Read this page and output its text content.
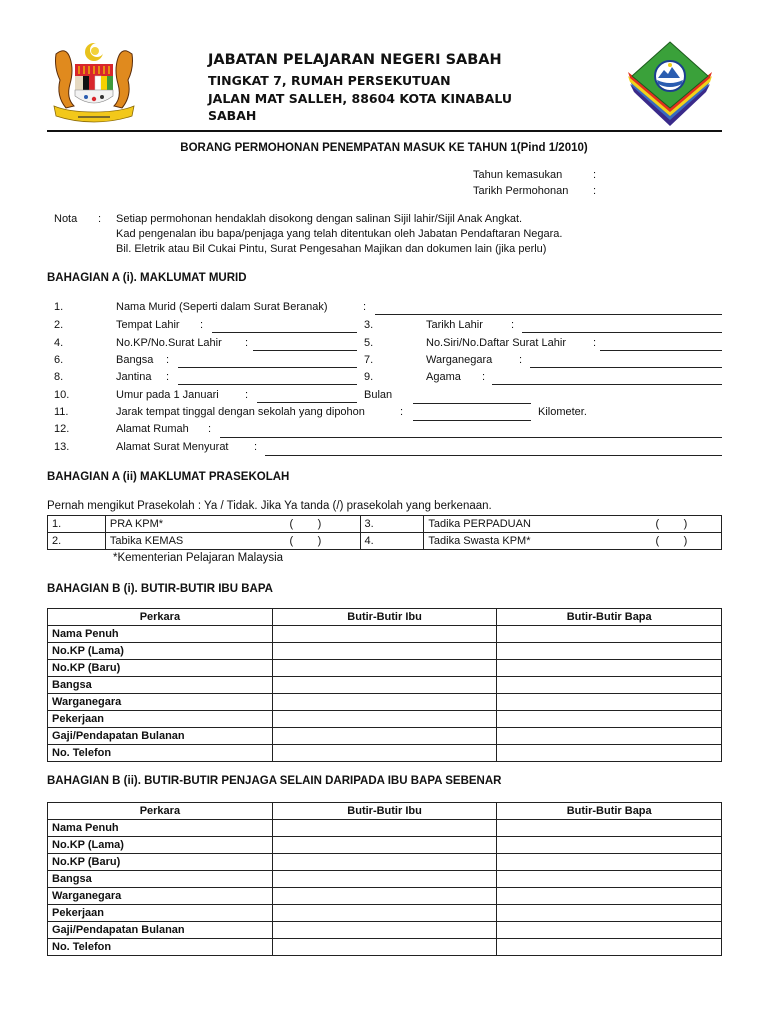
JABATAN PELAJARAN NEGERI SABAH
TINGKAT 7, RUMAH PERSEKUTUAN
JALAN MAT SALLEH, 88604 KOTA KINABALU
SABAH
BORANG PERMOHONAN PENEMPATAN MASUK KE TAHUN 1(Pind 1/2010)
Tahun kemasukan	:
Tarikh Permohonan :
Nota : Setiap permohonan hendaklah disokong dengan salinan Sijil lahir/Sijil Anak Angkat.
Kad pengenalan ibu bapa/penjaga yang telah ditentukan oleh Jabatan Pendaftaran Negara.
Bil. Eletrik atau Bil Cukai Pintu, Surat Pengesahan Majikan dan dokumen lain (jika perlu)
BAHAGIAN A (i). MAKLUMAT MURID
1.	Nama Murid (Seperti dalam Surat Beranak)	:
2.	Tempat Lahir :	3.	Tarikh Lahir	:
4.	No.KP/No.Surat Lahir :	5.	No.Siri/No.Daftar Surat Lahir :
6.	Bangsa :	7.	Warganegara :
8.	Jantina :	9.	Agama :
10.	Umur pada 1 Januari :	Bulan
11.	Jarak tempat tinggal dengan sekolah yang dipohon	:	Kilometer.
12.	Alamat Rumah :
13.	Alamat Surat Menyurat :
BAHAGIAN A (ii) MAKLUMAT PRASEKOLAH
Pernah mengikut Prasekolah : Ya / Tidak. Jika Ya tanda (/) prasekolah yang berkenaan.
1.	PRA KPM* (        )	3.	Tadika PERPADUAN (        )

2.	Tabika KEMAS (        )	4.	Tadika Swasta KPM* (        )
*Kementerian Pelajaran Malaysia
BAHAGIAN B (i). BUTIR-BUTIR IBU BAPA
Perkara	Butir-Butir Ibu	Butir-Butir Bapa
Nama Penuh		
No.KP (Lama)		
No.KP (Baru)		
Bangsa		
Warganegara		
Pekerjaan		
Gaji/Pendapatan Bulanan		
No. Telefon		
BAHAGIAN B (ii). BUTIR-BUTIR PENJAGA SELAIN DARIPADA IBU BAPA SEBENAR
Perkara	Butir-Butir Ibu	Butir-Butir Bapa
Nama Penuh		
No.KP (Lama)		
No.KP (Baru)		
Bangsa		
Warganegara		
Pekerjaan		
Gaji/Pendapatan Bulanan		
No. Telefon		
